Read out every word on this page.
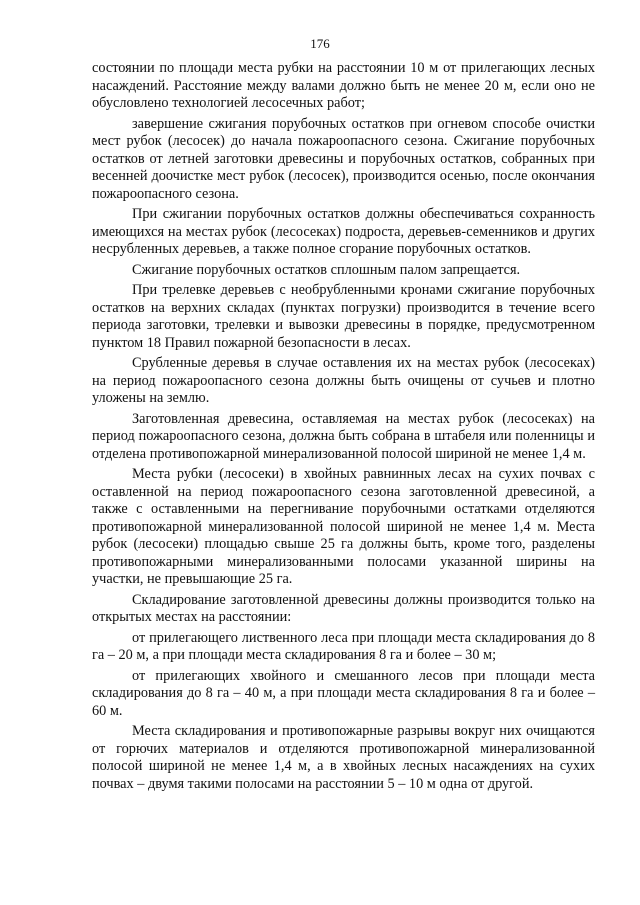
176

состоянии по площади места рубки на расстоянии 10 м от прилегающих лесных насаждений. Расстояние между валами должно быть не менее 20 м, если оно не обусловлено технологией лесосечных работ;

завершение сжигания порубочных остатков при огневом способе очистки мест рубок (лесосек) до начала пожароопасного сезона. Сжигание порубочных остатков от летней заготовки древесины и порубочных остатков, собранных при весенней доочистке мест рубок (лесосек), производится осенью, после окончания пожароопасного сезона.

При сжигании порубочных остатков должны обеспечиваться сохранность имеющихся на местах рубок (лесосеках) подроста, деревьев-семенников и других несрубленных деревьев, а также полное сгорание порубочных остатков.

Сжигание порубочных остатков сплошным палом запрещается.

При трелевке деревьев с необрубленными кронами сжигание порубочных остатков на верхних складах (пунктах погрузки) производится в течение всего периода заготовки, трелевки и вывозки древесины в порядке, предусмотренном пунктом 18 Правил пожарной безопасности в лесах.

Срубленные деревья в случае оставления их на местах рубок (лесосеках) на период пожароопасного сезона должны быть очищены от сучьев и плотно уложены на землю.

Заготовленная древесина, оставляемая на местах рубок (лесосеках) на период пожароопасного сезона, должна быть собрана в штабеля или поленницы и отделена противопожарной минерализованной полосой шириной не менее 1,4 м.

Места рубки (лесосеки) в хвойных равнинных лесах на сухих почвах с оставленной на период пожароопасного сезона заготовленной древесиной, а также с оставленными на перегнивание порубочными остатками отделяются противопожарной минерализованной полосой шириной не менее 1,4 м. Места рубок (лесосеки) площадью свыше 25 га должны быть, кроме того, разделены противопожарными минерализованными полосами указанной ширины на участки, не превышающие 25 га.

Складирование заготовленной древесины должны производится только на открытых местах на расстоянии:

от прилегающего лиственного леса при площади места складирования до 8 га – 20 м, а при площади места складирования 8 га и более – 30 м;

от прилегающих хвойного и смешанного лесов при площади места складирования до 8 га – 40 м, а при площади места складирования 8 га и более – 60 м.

Места складирования и противопожарные разрывы вокруг них очищаются от горючих материалов и отделяются противопожарной минерализованной полосой шириной не менее 1,4 м, а в хвойных лесных насаждениях на сухих почвах – двумя такими полосами на расстоянии 5 – 10 м одна от другой.
